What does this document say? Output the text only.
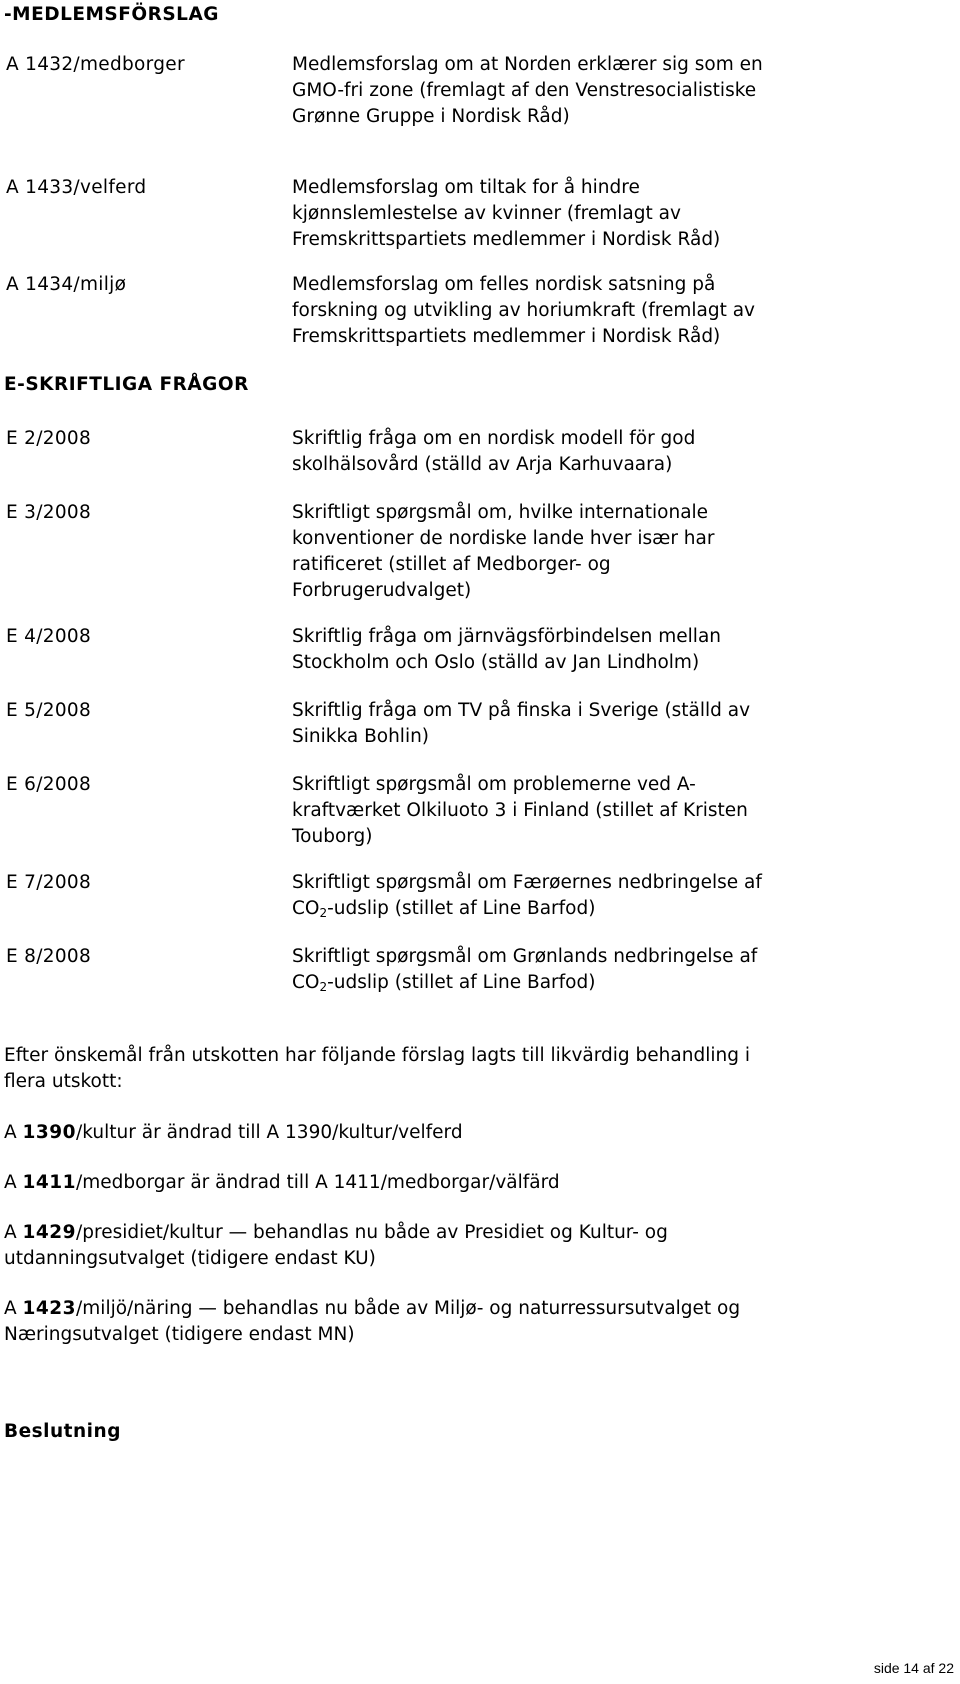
-MEDLEMSFÖRSLAG
A 1432/medborger	Medlemsforslag om at Norden erklærer sig som en GMO-fri zone (fremlagt af den Venstresocialistiske Grønne Gruppe i Nordisk Råd)
A 1433/velferd	Medlemsforslag om tiltak for å hindre kjønnslemlestelse av kvinner (fremlagt av Fremskrittspartiets medlemmer i Nordisk Råd)
A 1434/miljø	Medlemsforslag om felles nordisk satsning på forskning og utvikling av horiumkraft (fremlagt av Fremskrittspartiets medlemmer i Nordisk Råd)
E-SKRIFTLIGA FRÅGOR
E 2/2008	Skriftlig fråga om en nordisk modell för god skolhälsovård (ställd av Arja Karhuvaara)
E 3/2008	Skriftligt spørgsmål om, hvilke internationale konventioner de nordiske lande hver især har ratificeret (stillet af Medborger- og Forbrugerudvalget)
E 4/2008	Skriftlig fråga om järnvägsförbindelsen mellan Stockholm och Oslo (ställd av Jan Lindholm)
E 5/2008	Skriftlig fråga om TV på finska i Sverige (ställd av Sinikka Bohlin)
E 6/2008	Skriftligt spørgsmål om problemerne ved A-kraftværket Olkiluoto 3 i Finland (stillet af Kristen Touborg)
E 7/2008	Skriftligt spørgsmål om Færøernes nedbringelse af $CO_2$-udslip (stillet af Line Barfod)
E 8/2008	Skriftligt spørgsmål om Grønlands nedbringelse af $CO_2$-udslip (stillet af Line Barfod)
Efter önskemål från utskotten har följande förslag lagts till likvärdig behandling i flera utskott:
A 1390/kultur är ändrad till A 1390/kultur/velferd
A 1411/medborgar är ändrad till A 1411/medborgar/välfärd
A 1429/presidiet/kultur — behandlas nu både av Presidiet og Kultur- og utdanningsutvalget (tidigere endast KU)
A 1423/miljö/näring — behandlas nu både av Miljø- og naturressursutvalget og Næringsutvalget (tidigere endast MN)
Beslutning
side 14 af 22
